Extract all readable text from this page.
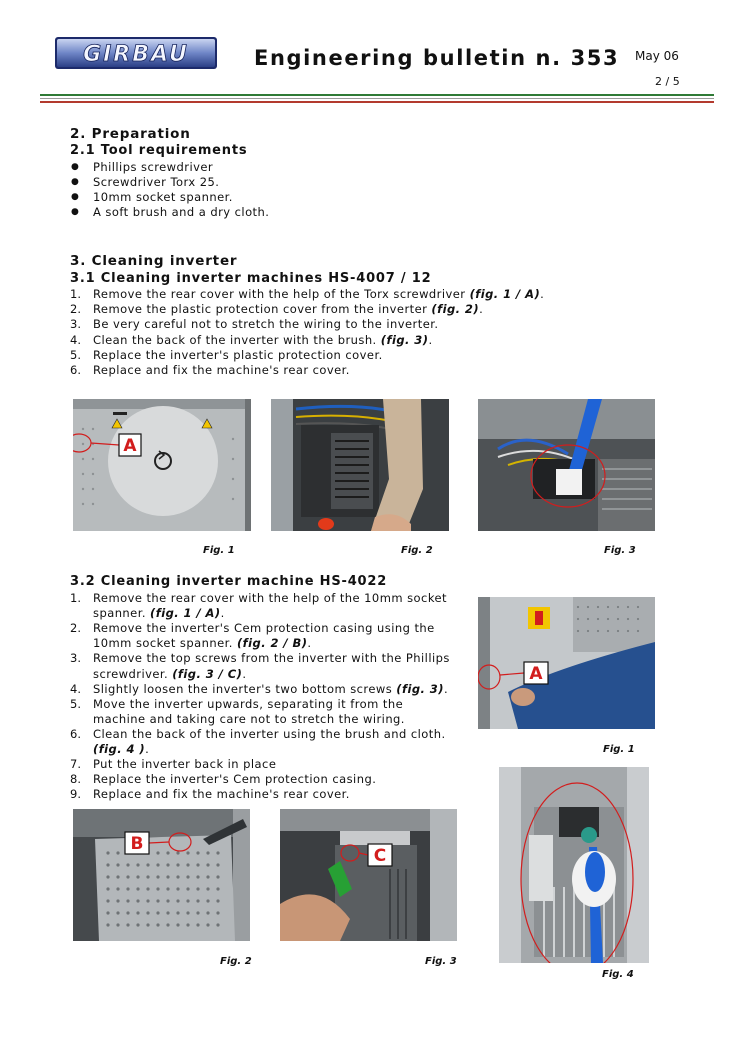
GIRBAU	Engineering bulletin n. 353 May 06
2 / 5
2. Preparation
2.1 Tool requirements
● Phillips screwdriver
● Screwdriver Torx 25.
● 10mm socket spanner.
● A soft brush and a dry cloth.
3. Cleaning inverter
3.1 Cleaning inverter machines HS-4007 / 12
1. Remove the rear cover with the help of the Torx screwdriver (fig. 1 / A).
2. Remove the plastic protection cover from the inverter (fig. 2).
3. Be very careful not to stretch the wiring to the inverter.
4. Clean the back of the inverter with the brush. (fig. 3).
5. Replace the inverter's plastic protection cover.
6. Replace and fix the machine's rear cover.
A
Fig. 1	Fig. 2	Fig. 3
3.2 Cleaning inverter machine HS-4022
1. Remove the rear cover with the help of the 10mm socket
spanner. (fig. 1 / A).
2. Remove the inverter's Cem protection casing using the
10mm socket spanner. (fig. 2 / B).
3. Remove the top screws from the inverter with the Phillips
screwdriver. (fig. 3 / C).
4. Slightly loosen the inverter's two bottom screws (fig. 3).
5. Move the inverter upwards, separating it from the
machine and taking care not to stretch the wiring.
6. Clean the back of the inverter using the brush and cloth.
(fig. 4 ).
7. Put the inverter back in place
8. Replace the inverter's Cem protection casing.
9. Replace and fix the machine's rear cover.
A
Fig. 1
Fig. 4
B
Fig. 2
C
Fig. 3
